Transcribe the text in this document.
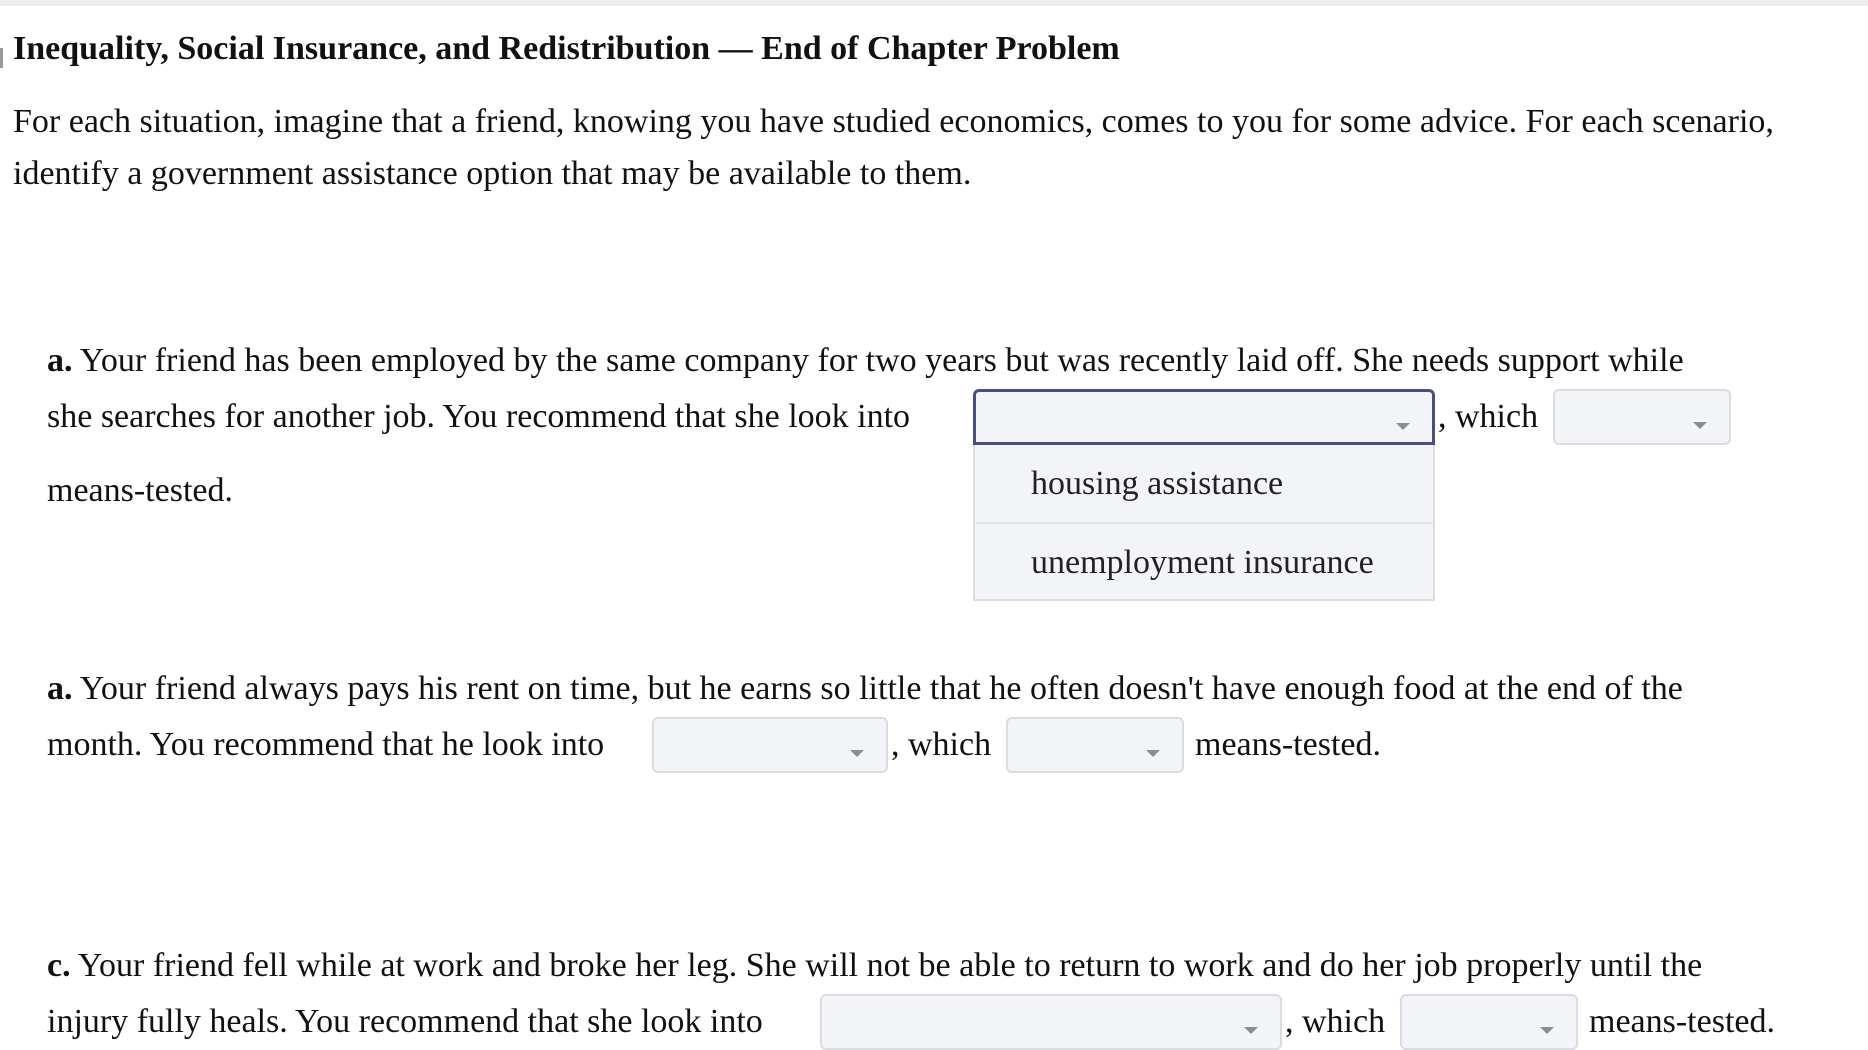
Inequality, Social Insurance, and Redistribution — End of Chapter Problem

For each situation, imagine that a friend, knowing you have studied economics, comes to you for some advice. For each scenario, identify a government assistance option that may be available to them.

a. Your friend has been employed by the same company for two years but was recently laid off. She needs support while
she searches for another job. You recommend that she look into	, which
means-tested.	housing assistance
unemployment insurance
a. Your friend always pays his rent on time, but he earns so little that he often doesn't have enough food at the end of the
month. You recommend that he look into	, which	means-tested.
c. Your friend fell while at work and broke her leg. She will not be able to return to work and do her job properly until the
injury fully heals. You recommend that she look into	, which	means-tested.
